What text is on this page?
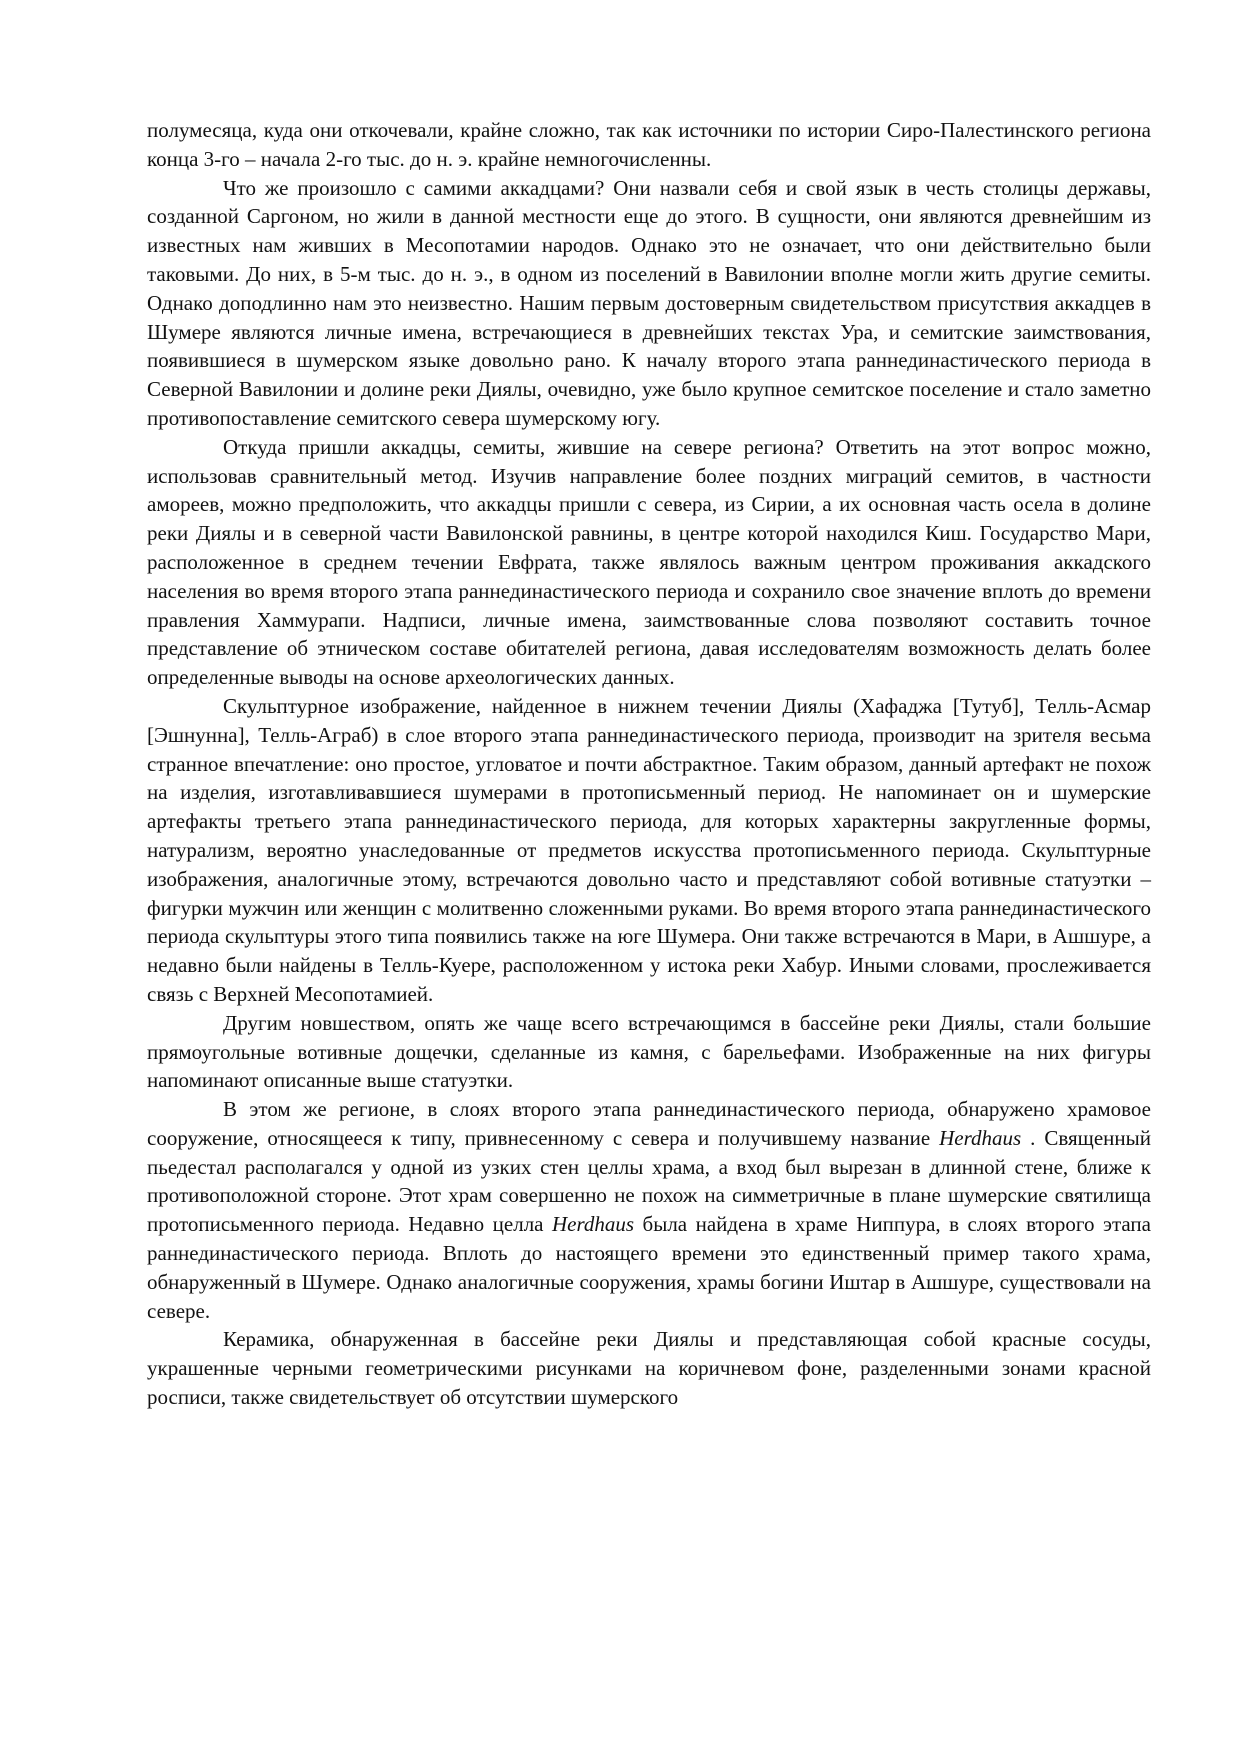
полумесяца, куда они откочевали, крайне сложно, так как источники по истории Сиро-Палестинского региона конца 3-го – начала 2-го тыс. до н. э. крайне немногочисленны.

Что же произошло с самими аккадцами? Они назвали себя и свой язык в честь столицы державы, созданной Саргоном, но жили в данной местности еще до этого. В сущности, они являются древнейшим из известных нам живших в Месопотамии народов. Однако это не означает, что они действительно были таковыми. До них, в 5-м тыс. до н. э., в одном из поселений в Вавилонии вполне могли жить другие семиты. Однако доподлинно нам это неизвестно. Нашим первым достоверным свидетельством присутствия аккадцев в Шумере являются личные имена, встречающиеся в древнейших текстах Ура, и семитские заимствования, появившиеся в шумерском языке довольно рано. К началу второго этапа раннединастического периода в Северной Вавилонии и долине реки Диялы, очевидно, уже было крупное семитское поселение и стало заметно противопоставление семитского севера шумерскому югу.

Откуда пришли аккадцы, семиты, жившие на севере региона? Ответить на этот вопрос можно, использовав сравнительный метод. Изучив направление более поздних миграций семитов, в частности амореев, можно предположить, что аккадцы пришли с севера, из Сирии, а их основная часть осела в долине реки Диялы и в северной части Вавилонской равнины, в центре которой находился Киш. Государство Мари, расположенное в среднем течении Евфрата, также являлось важным центром проживания аккадского населения во время второго этапа раннединастического периода и сохранило свое значение вплоть до времени правления Хаммурапи. Надписи, личные имена, заимствованные слова позволяют составить точное представление об этническом составе обитателей региона, давая исследователям возможность делать более определенные выводы на основе археологических данных.

Скульптурное изображение, найденное в нижнем течении Диялы (Хафаджа [Тутуб], Телль-Асмар [Эшнунна], Телль-Аграб) в слое второго этапа раннединастического периода, производит на зрителя весьма странное впечатление: оно простое, угловатое и почти абстрактное. Таким образом, данный артефакт не похож на изделия, изготавливавшиеся шумерами в протописьменный период. Не напоминает он и шумерские артефакты третьего этапа раннединастического периода, для которых характерны закругленные формы, натурализм, вероятно унаследованные от предметов искусства протописьменного периода. Скульптурные изображения, аналогичные этому, встречаются довольно часто и представляют собой вотивные статуэтки – фигурки мужчин или женщин с молитвенно сложенными руками. Во время второго этапа раннединастического периода скульптуры этого типа появились также на юге Шумера. Они также встречаются в Мари, в Ашшуре, а недавно были найдены в Телль-Куере, расположенном у истока реки Хабур. Иными словами, прослеживается связь с Верхней Месопотамией.

Другим новшеством, опять же чаще всего встречающимся в бассейне реки Диялы, стали большие прямоугольные вотивные дощечки, сделанные из камня, с барельефами. Изображенные на них фигуры напоминают описанные выше статуэтки.

В этом же регионе, в слоях второго этапа раннединастического периода, обнаружено храмовое сооружение, относящееся к типу, привнесенному с севера и получившему название Herdhaus . Священный пьедестал располагался у одной из узких стен целлы храма, а вход был вырезан в длинной стене, ближе к противоположной стороне. Этот храм совершенно не похож на симметричные в плане шумерские святилища протописьменного периода. Недавно целла Herdhaus была найдена в храме Ниппура, в слоях второго этапа раннединастического периода. Вплоть до настоящего времени это единственный пример такого храма, обнаруженный в Шумере. Однако аналогичные сооружения, храмы богини Иштар в Ашшуре, существовали на севере.

Керамика, обнаруженная в бассейне реки Диялы и представляющая собой красные сосуды, украшенные черными геометрическими рисунками на коричневом фоне, разделенными зонами красной росписи, также свидетельствует об отсутствии шумерского
